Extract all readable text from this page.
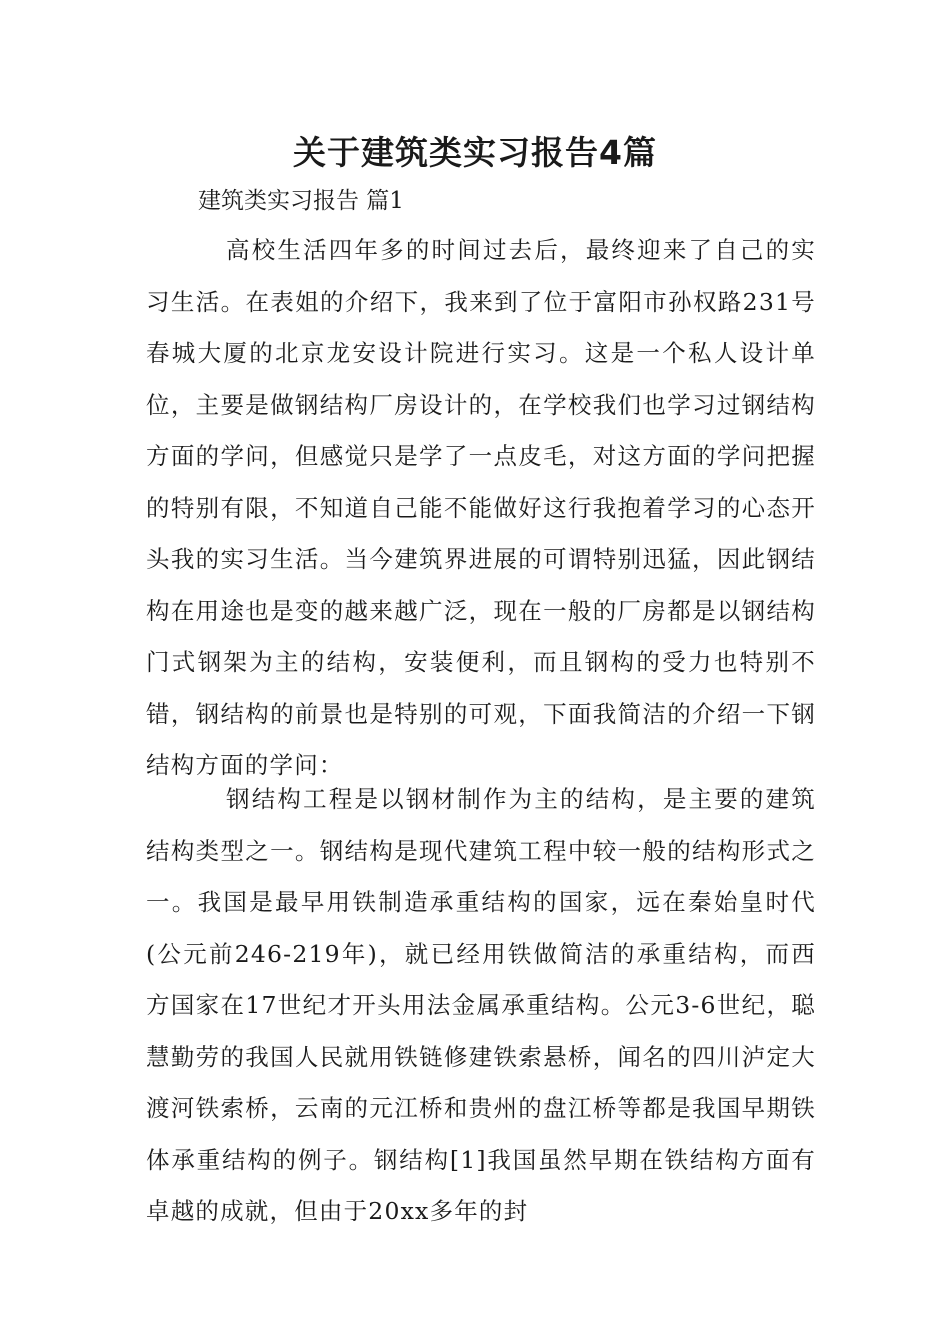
关于建筑类实习报告4篇
建筑类实习报告 篇1

高校生活四年多的时间过去后，最终迎来了自己的实习生活。在表姐的介绍下，我来到了位于富阳市孙权路231号春城大厦的北京龙安设计院进行实习。这是一个私人设计单位，主要是做钢结构厂房设计的，在学校我们也学习过钢结构方面的学问，但感觉只是学了一点皮毛，对这方面的学问把握的特别有限，不知道自己能不能做好这行我抱着学习的心态开头我的实习生活。当今建筑界进展的可谓特别迅猛，因此钢结构在用途也是变的越来越广泛，现在一般的厂房都是以钢结构门式钢架为主的结构，安装便利，而且钢构的受力也特别不错，钢结构的前景也是特别的可观，下面我简洁的介绍一下钢结构方面的学问：

钢结构工程是以钢材制作为主的结构，是主要的建筑结构类型之一。钢结构是现代建筑工程中较一般的结构形式之一。我国是最早用铁制造承重结构的国家，远在秦始皇时代(公元前246-219年)，就已经用铁做简洁的承重结构，而西方国家在17世纪才开头用法金属承重结构。公元3-6世纪，聪慧勤劳的我国人民就用铁链修建铁索悬桥，闻名的四川泸定大渡河铁索桥，云南的元江桥和贵州的盘江桥等都是我国早期铁体承重结构的例子。钢结构[1]我国虽然早期在铁结构方面有卓越的成就，但由于20xx多年的封
